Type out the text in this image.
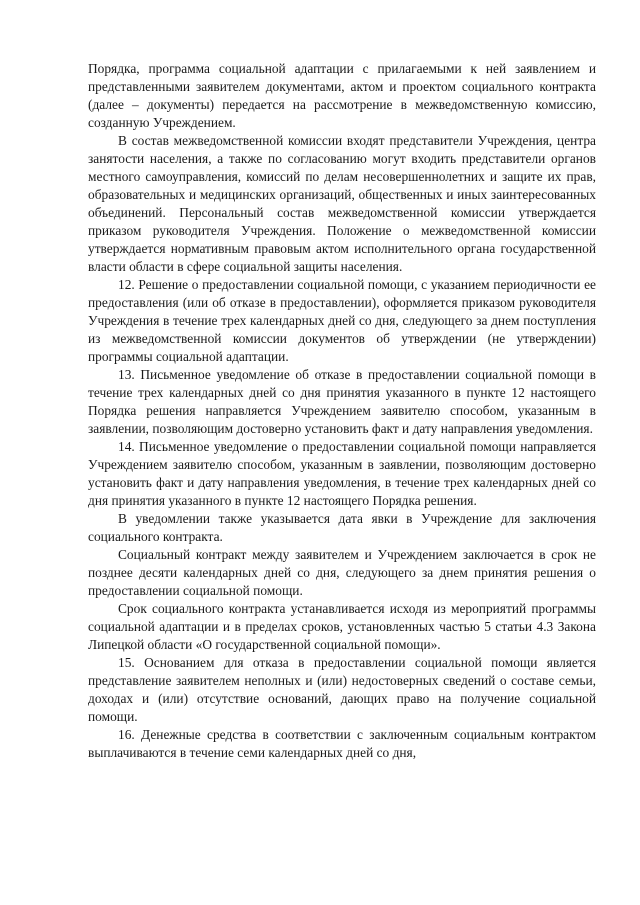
Порядка, программа социальной адаптации с прилагаемыми к ней заявлением и представленными заявителем документами, актом и проектом социального контракта (далее – документы) передается на рассмотрение в межведомственную комиссию, созданную Учреждением.

В состав межведомственной комиссии входят представители Учреждения, центра занятости населения, а также по согласованию могут входить представители органов местного самоуправления, комиссий по делам несовершеннолетних и защите их прав, образовательных и медицинских организаций, общественных и иных заинтересованных объединений. Персональный состав межведомственной комиссии утверждается приказом руководителя Учреждения. Положение о межведомственной комиссии утверждается нормативным правовым актом исполнительного органа государственной власти области в сфере социальной защиты населения.

12. Решение о предоставлении социальной помощи, с указанием периодичности ее предоставления (или об отказе в предоставлении), оформляется приказом руководителя Учреждения в течение трех календарных дней со дня, следующего за днем поступления из межведомственной комиссии документов об утверждении (не утверждении) программы социальной адаптации.

13. Письменное уведомление об отказе в предоставлении социальной помощи в течение трех календарных дней со дня принятия указанного в пункте 12 настоящего Порядка решения направляется Учреждением заявителю способом, указанным в заявлении, позволяющим достоверно установить факт и дату направления уведомления.

14. Письменное уведомление о предоставлении социальной помощи направляется Учреждением заявителю способом, указанным в заявлении, позволяющим достоверно установить факт и дату направления уведомления, в течение трех календарных дней со дня принятия указанного в пункте 12 настоящего Порядка решения.

В уведомлении также указывается дата явки в Учреждение для заключения социального контракта.

Социальный контракт между заявителем и Учреждением заключается в срок не позднее десяти календарных дней со дня, следующего за днем принятия решения о предоставлении социальной помощи.

Срок социального контракта устанавливается исходя из мероприятий программы социальной адаптации и в пределах сроков, установленных частью 5 статьи 4.3 Закона Липецкой области «О государственной социальной помощи».

15. Основанием для отказа в предоставлении социальной помощи является представление заявителем неполных и (или) недостоверных сведений о составе семьи, доходах и (или) отсутствие оснований, дающих право на получение социальной помощи.

16. Денежные средства в соответствии с заключенным социальным контрактом выплачиваются в течение семи календарных дней со дня,
